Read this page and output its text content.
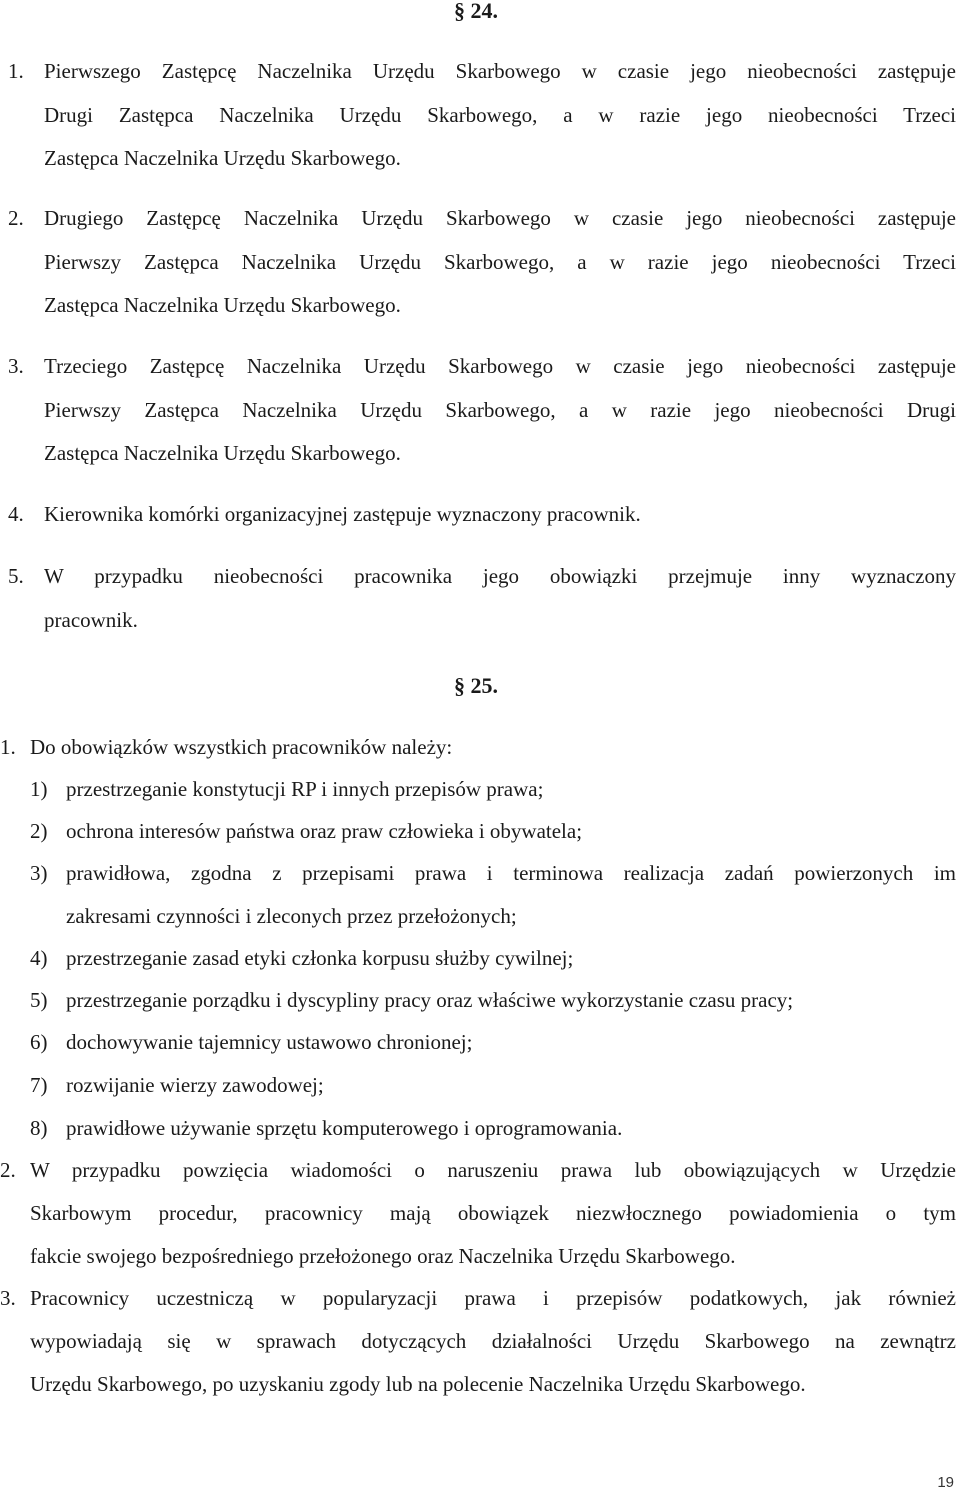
§ 24.
1. Pierwszego Zastępcę Naczelnika Urzędu Skarbowego w czasie jego nieobecności zastępuje
Drugi Zastępca Naczelnika Urzędu Skarbowego, a w razie jego nieobecności Trzeci
Zastępca Naczelnika Urzędu Skarbowego.
2. Drugiego Zastępcę Naczelnika Urzędu Skarbowego w czasie jego nieobecności zastępuje
Pierwszy Zastępca Naczelnika Urzędu Skarbowego, a w razie jego nieobecności Trzeci
Zastępca Naczelnika Urzędu Skarbowego.
3. Trzeciego Zastępcę Naczelnika Urzędu Skarbowego w czasie jego nieobecności zastępuje
Pierwszy Zastępca Naczelnika Urzędu Skarbowego, a w razie jego nieobecności Drugi
Zastępca Naczelnika Urzędu Skarbowego.
4. Kierownika komórki organizacyjnej zastępuje wyznaczony pracownik.
5. W przypadku nieobecności pracownika jego obowiązki przejmuje inny wyznaczony
pracownik.
§ 25.
1. Do obowiązków wszystkich pracowników należy:
1) przestrzeganie konstytucji RP i innych przepisów prawa;
2) ochrona interesów państwa oraz praw człowieka i obywatela;
3) prawidłowa, zgodna z przepisami prawa i terminowa realizacja zadań powierzonych im
zakresami czynności i zleconych przez przełożonych;
4) przestrzeganie zasad etyki członka korpusu służby cywilnej;
5) przestrzeganie porządku i dyscypliny pracy oraz właściwe wykorzystanie czasu pracy;
6) dochowywanie tajemnicy ustawowo chronionej;
7) rozwijanie wierzy zawodowej;
8) prawidłowe używanie sprzętu komputerowego i oprogramowania.
2. W przypadku powzięcia wiadomości o naruszeniu prawa lub obowiązujących w Urzędzie
Skarbowym procedur, pracownicy mają obowiązek niezwłocznego powiadomienia o tym
fakcie swojego bezpośredniego przełożonego oraz Naczelnika Urzędu Skarbowego.
3. Pracownicy uczestniczą w popularyzacji prawa i przepisów podatkowych, jak również
wypowiadają się w sprawach dotyczących działalności Urzędu Skarbowego na zewnątrz
Urzędu Skarbowego, po uzyskaniu zgody lub na polecenie Naczelnika Urzędu Skarbowego.
19
